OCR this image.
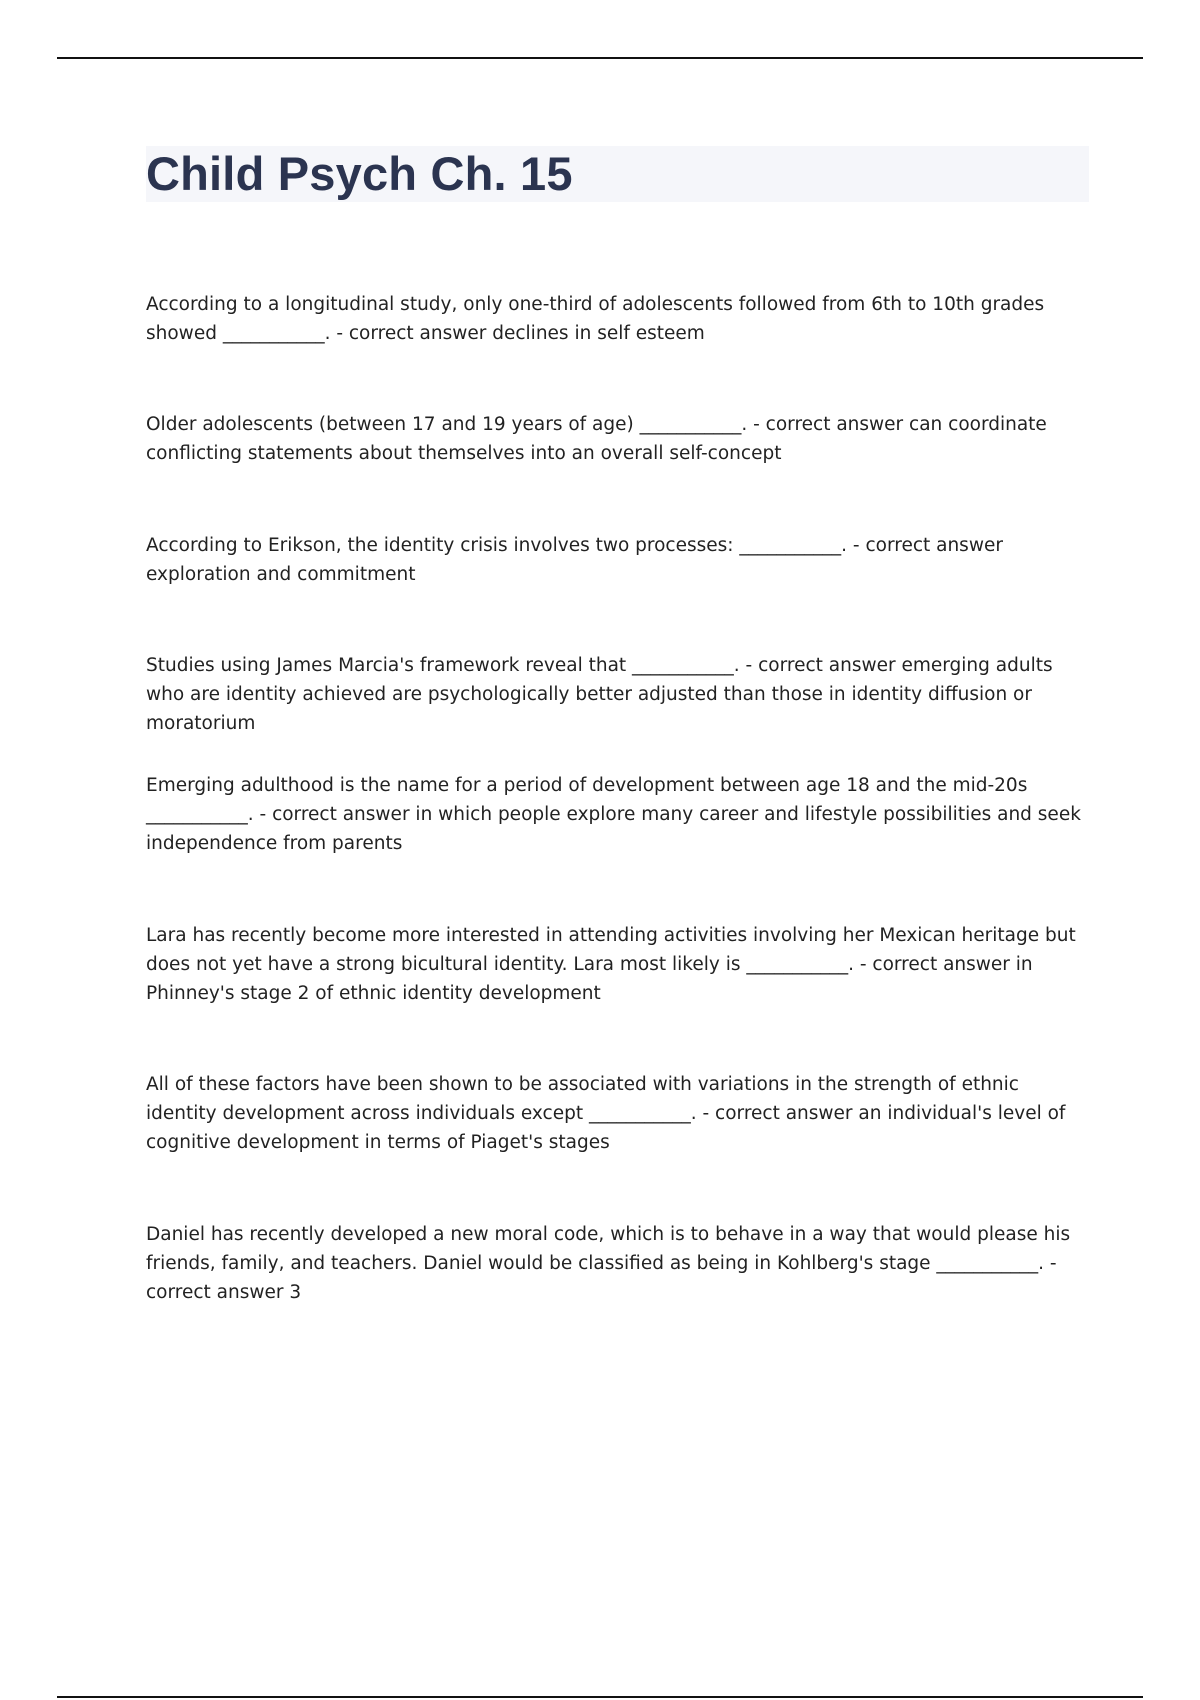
Child Psych Ch. 15

According to a longitudinal study, only one-third of adolescents followed from 6th to 10th grades showed ___________. - correct answer declines in self esteem

Older adolescents (between 17 and 19 years of age) ___________. - correct answer can coordinate conflicting statements about themselves into an overall self-concept

According to Erikson, the identity crisis involves two processes: ___________. - correct answer exploration and commitment

Studies using James Marcia's framework reveal that ___________. - correct answer emerging adults who are identity achieved are psychologically better adjusted than those in identity diffusion or moratorium

Emerging adulthood is the name for a period of development between age 18 and the mid-20s ___________. - correct answer in which people explore many career and lifestyle possibilities and seek independence from parents

Lara has recently become more interested in attending activities involving her Mexican heritage but does not yet have a strong bicultural identity. Lara most likely is ___________. - correct answer in Phinney's stage 2 of ethnic identity development

All of these factors have been shown to be associated with variations in the strength of ethnic identity development across individuals except ___________. - correct answer an individual's level of cognitive development in terms of Piaget's stages

Daniel has recently developed a new moral code, which is to behave in a way that would please his friends, family, and teachers. Daniel would be classified as being in Kohlberg's stage ___________. - correct answer 3
